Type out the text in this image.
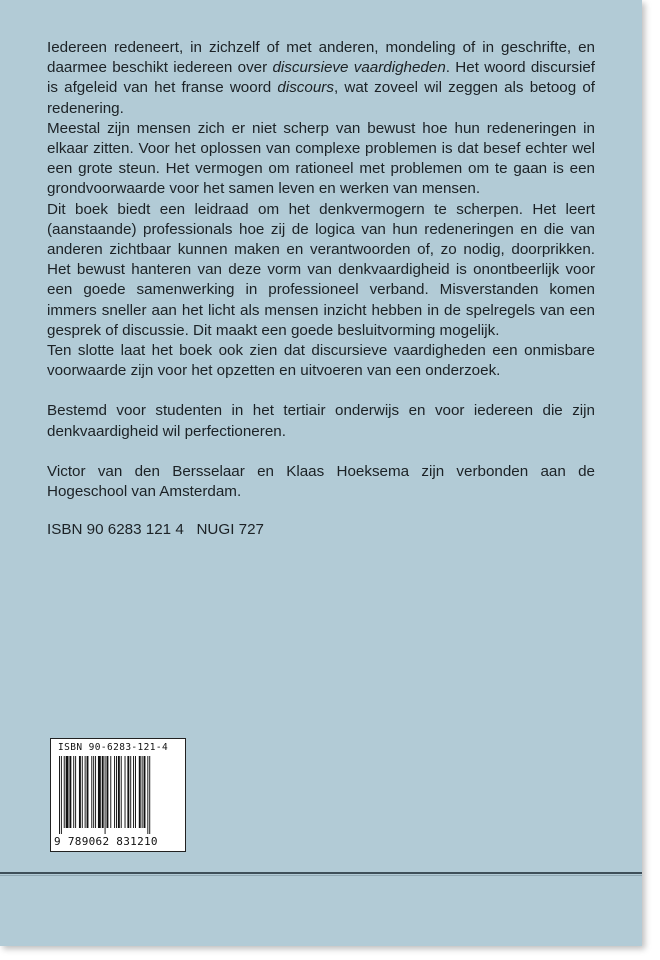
Iedereen redeneert, in zichzelf of met anderen, mondeling of in geschrifte, en daarmee beschikt iedereen over discursieve vaardigheden. Het woord discursief is afgeleid van het franse woord discours, wat zoveel wil zeggen als betoog of redenering.

Meestal zijn mensen zich er niet scherp van bewust hoe hun redeneringen in elkaar zitten. Voor het oplossen van complexe problemen is dat besef echter wel een grote steun. Het vermogen om rationeel met problemen om te gaan is een grondvoorwaarde voor het samen leven en werken van mensen.

Dit boek biedt een leidraad om het denkvermogern te scherpen. Het leert (aanstaande) professionals hoe zij de logica van hun redeneringen en die van anderen zichtbaar kunnen maken en verantwoorden of, zo nodig, doorprikken. Het bewust hanteren van deze vorm van denkvaardigheid is onontbeerlijk voor een goede samenwerking in professioneel verband. Misverstanden komen immers sneller aan het licht als mensen inzicht hebben in de spelregels van een gesprek of discussie. Dit maakt een goede besluitvorming mogelijk.

Ten slotte laat het boek ook zien dat discursieve vaardigheden een onmisbare voorwaarde zijn voor het opzetten en uitvoeren van een onderzoek.

Bestemd voor studenten in het tertiair onderwijs en voor iedereen die zijn denkvaardigheid wil perfectioneren.

Victor van den Bersselaar en Klaas Hoeksema zijn verbonden aan de Hogeschool van Amsterdam.

ISBN 90 6283 121 4   NUGI 727

ISBN 90-6283-121-4
9 789062 831210
